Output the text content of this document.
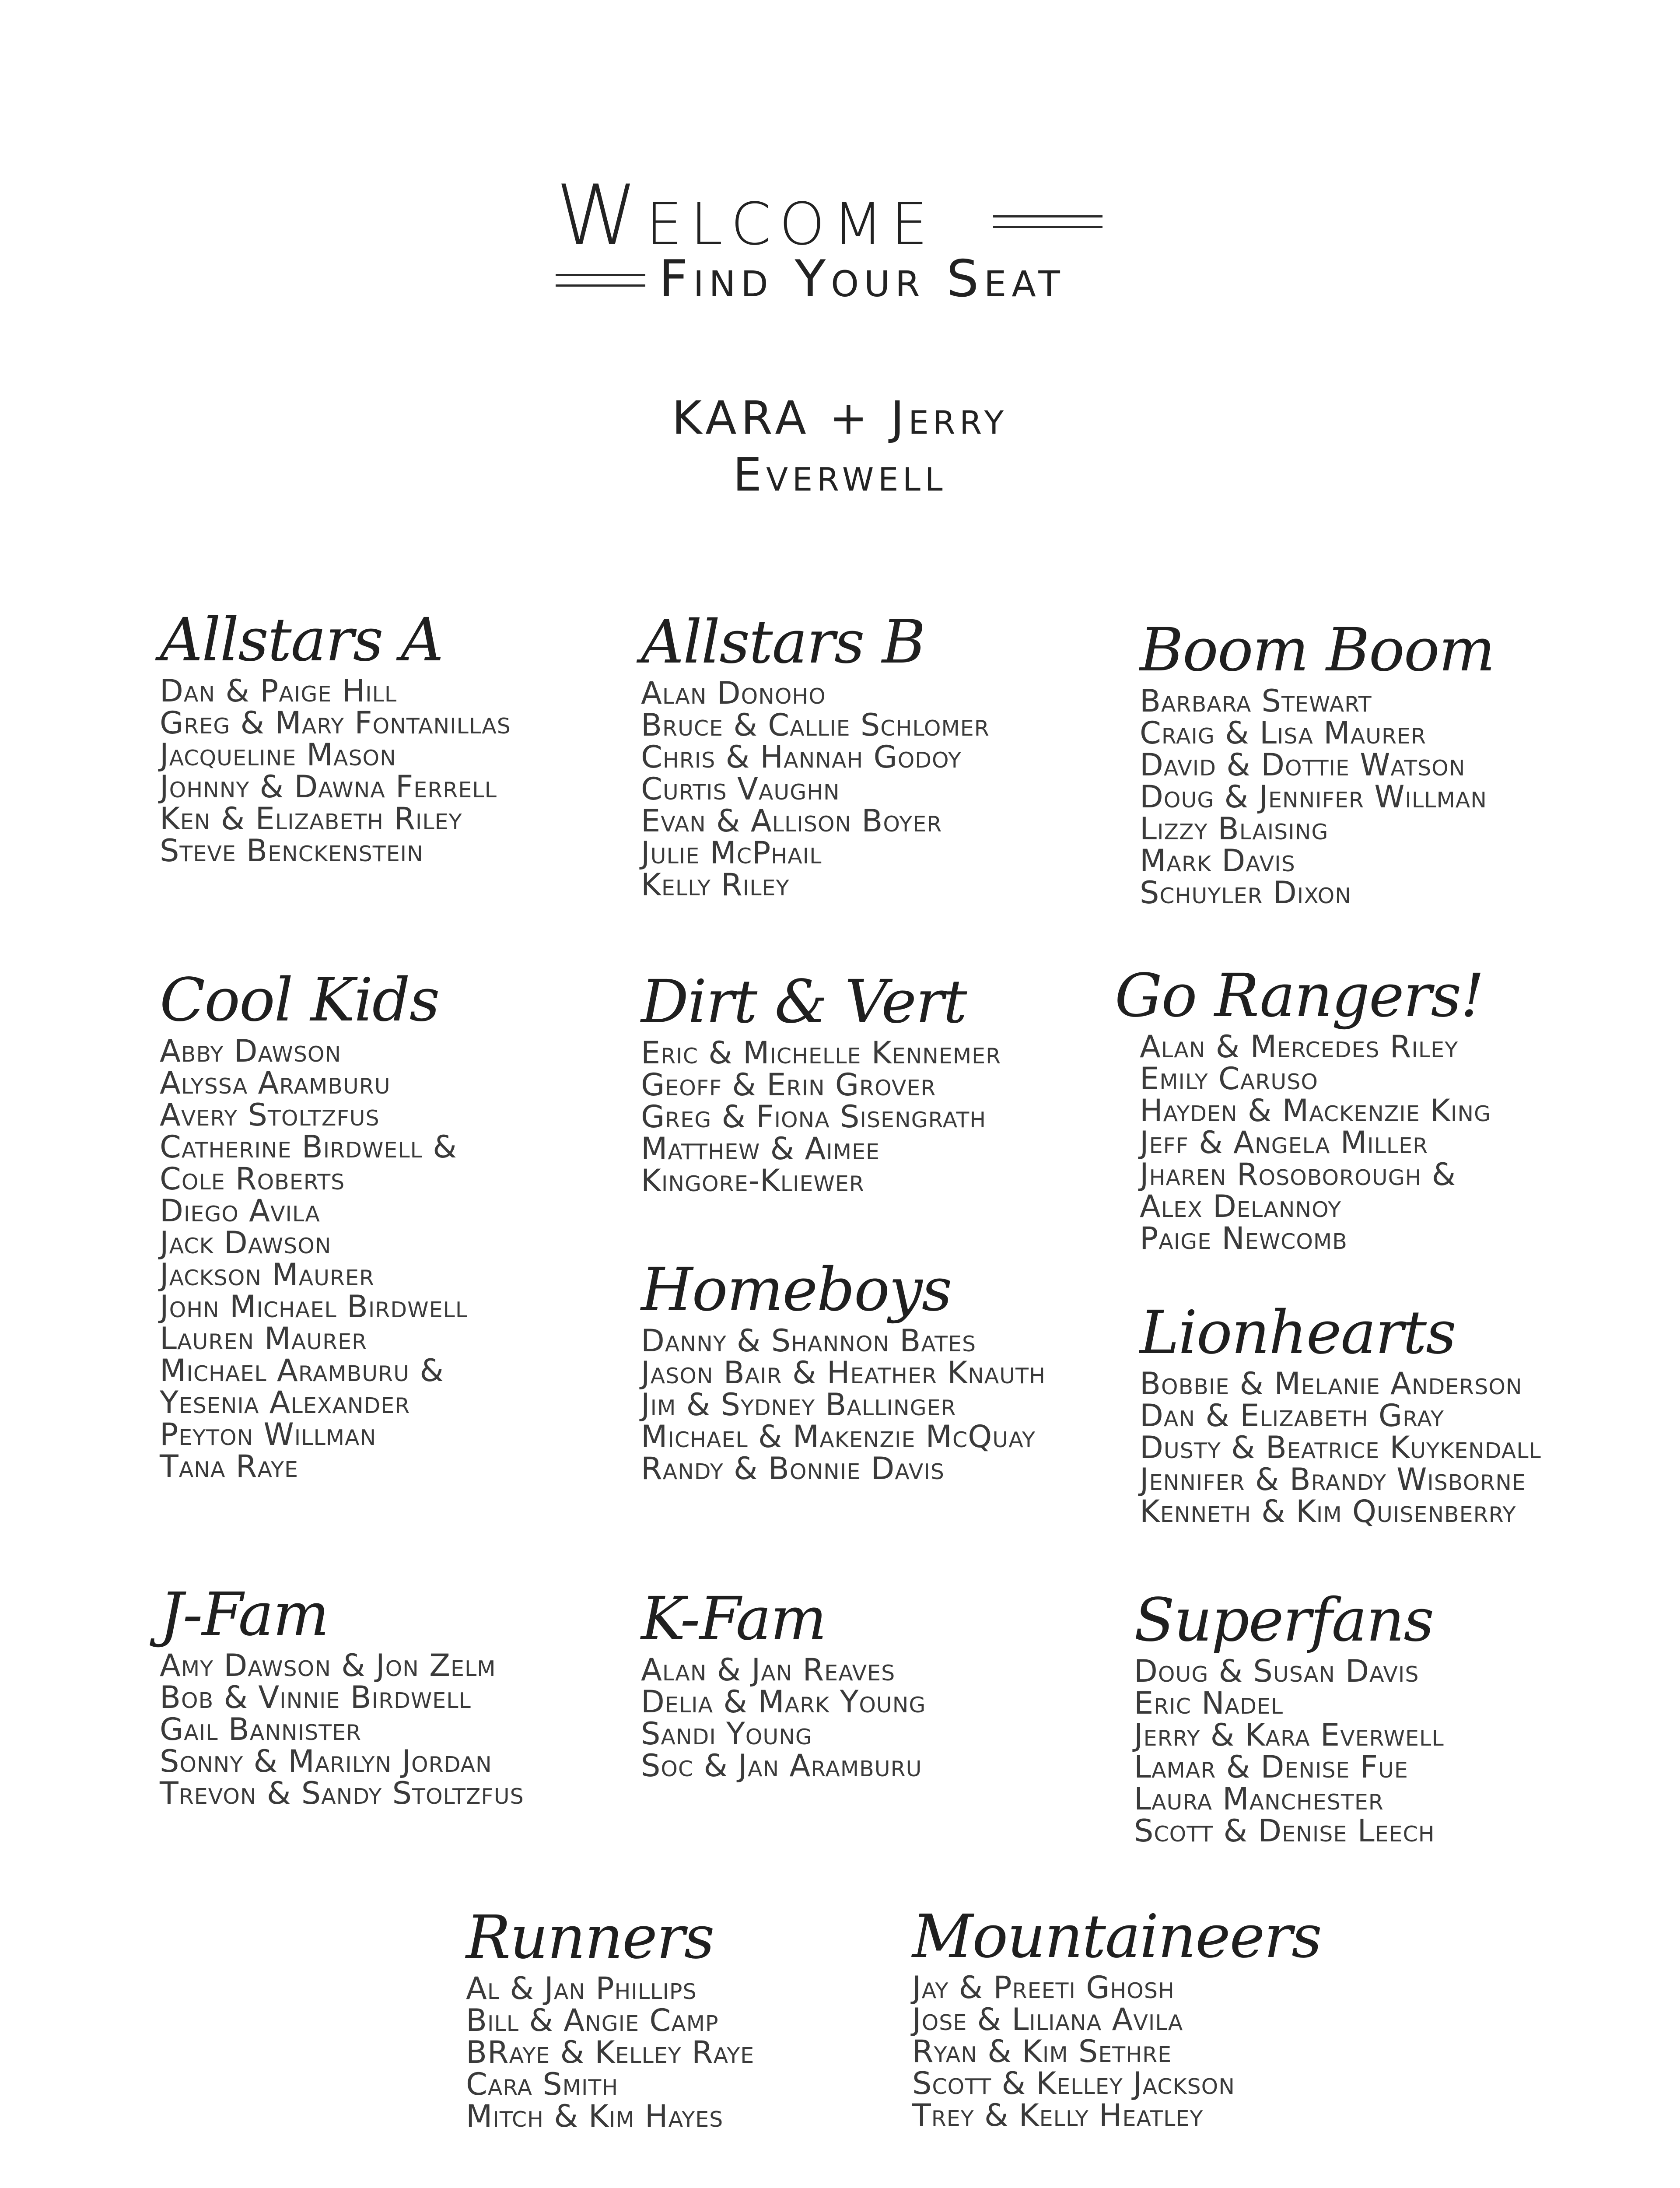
Welcome
Find Your Seat
KARA + Jerry
Everwell
Allstars A
Dan & Paige Hill
Greg & Mary Fontanillas
Jacqueline Mason
Johnny & Dawna Ferrell
Ken & Elizabeth Riley
Steve Benckenstein
Allstars B
Alan Donoho
Bruce & Callie Schlomer
Chris & Hannah Godoy
Curtis Vaughn
Evan & Allison Boyer
Julie McPhail
Kelly Riley
Boom Boom
Barbara Stewart
Craig & Lisa Maurer
David & Dottie Watson
Doug & Jennifer Willman
Lizzy Blaising
Mark Davis
Schuyler Dixon
Cool Kids
Abby Dawson
Alyssa Aramburu
Avery Stoltzfus
Catherine Birdwell &
Cole Roberts
Diego Avila
Jack Dawson
Jackson Maurer
John Michael Birdwell
Lauren Maurer
Michael Aramburu &
Yesenia Alexander
Peyton Willman
Tana Raye
Dirt & Vert
Eric & Michelle Kennemer
Geoff & Erin Grover
Greg & Fiona Sisengrath
Matthew & Aimee
Kingore-Kliewer
Go Rangers!
Alan & Mercedes Riley
Emily Caruso
Hayden & Mackenzie King
Jeff & Angela Miller
Jharen Rosoborough &
Alex Delannoy
Paige Newcomb
Homeboys
Danny & Shannon Bates
Jason Bair & Heather Knauth
Jim & Sydney Ballinger
Michael & Makenzie McQuay
Randy & Bonnie Davis
Lionhearts
Bobbie & Melanie Anderson
Dan & Elizabeth Gray
Dusty & Beatrice Kuykendall
Jennifer & Brandy Wisborne
Kenneth & Kim Quisenberry
J-Fam
Amy Dawson & Jon Zelm
Bob & Vinnie Birdwell
Gail Bannister
Sonny & Marilyn Jordan
Trevon & Sandy Stoltzfus
K-Fam
Alan & Jan Reaves
Delia & Mark Young
Sandi Young
Soc & Jan Aramburu
Superfans
Doug & Susan Davis
Eric Nadel
Jerry & Kara Everwell
Lamar & Denise Fue
Laura Manchester
Scott & Denise Leech
Runners
Al & Jan Phillips
Bill & Angie Camp
BRaye & Kelley Raye
Cara Smith
Mitch & Kim Hayes
Mountaineers
Jay & Preeti Ghosh
Jose & Liliana Avila
Ryan & Kim Sethre
Scott & Kelley Jackson
Trey & Kelly Heatley
